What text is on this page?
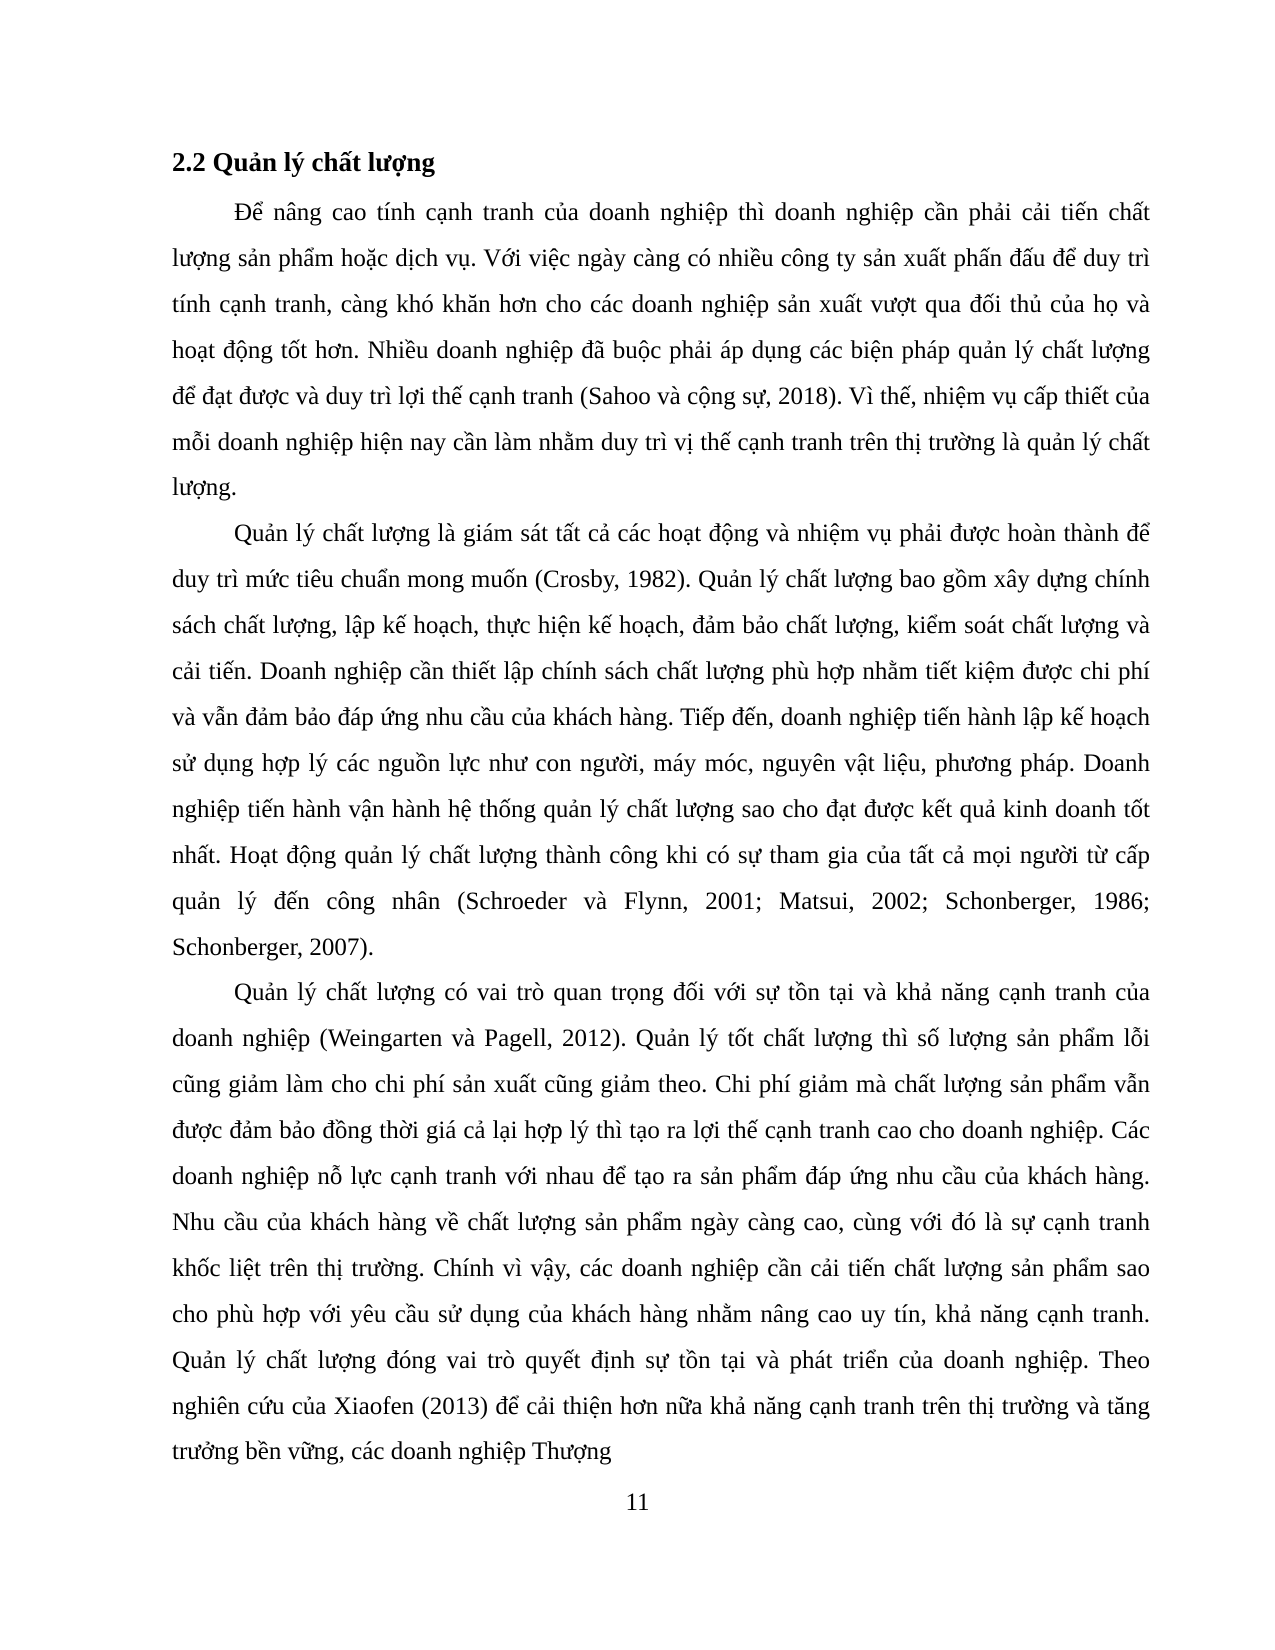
2.2 Quản lý chất lượng

Để nâng cao tính cạnh tranh của doanh nghiệp thì doanh nghiệp cần phải cải tiến chất lượng sản phẩm hoặc dịch vụ. Với việc ngày càng có nhiều công ty sản xuất phấn đấu để duy trì tính cạnh tranh, càng khó khăn hơn cho các doanh nghiệp sản xuất vượt qua đối thủ của họ và hoạt động tốt hơn. Nhiều doanh nghiệp đã buộc phải áp dụng các biện pháp quản lý chất lượng để đạt được và duy trì lợi thế cạnh tranh (Sahoo và cộng sự, 2018). Vì thế, nhiệm vụ cấp thiết của mỗi doanh nghiệp hiện nay cần làm nhằm duy trì vị thế cạnh tranh trên thị trường là quản lý chất lượng.

Quản lý chất lượng là giám sát tất cả các hoạt động và nhiệm vụ phải được hoàn thành để duy trì mức tiêu chuẩn mong muốn (Crosby, 1982). Quản lý chất lượng bao gồm xây dựng chính sách chất lượng, lập kế hoạch, thực hiện kế hoạch, đảm bảo chất lượng, kiểm soát chất lượng và cải tiến. Doanh nghiệp cần thiết lập chính sách chất lượng phù hợp nhằm tiết kiệm được chi phí và vẫn đảm bảo đáp ứng nhu cầu của khách hàng. Tiếp đến, doanh nghiệp tiến hành lập kế hoạch sử dụng hợp lý các nguồn lực như con người, máy móc, nguyên vật liệu, phương pháp. Doanh nghiệp tiến hành vận hành hệ thống quản lý chất lượng sao cho đạt được kết quả kinh doanh tốt nhất. Hoạt động quản lý chất lượng thành công khi có sự tham gia của tất cả mọi người từ cấp quản lý đến công nhân (Schroeder và Flynn, 2001; Matsui, 2002; Schonberger, 1986; Schonberger, 2007).

Quản lý chất lượng có vai trò quan trọng đối với sự tồn tại và khả năng cạnh tranh của doanh nghiệp (Weingarten và Pagell, 2012). Quản lý tốt chất lượng thì số lượng sản phẩm lỗi cũng giảm làm cho chi phí sản xuất cũng giảm theo. Chi phí giảm mà chất lượng sản phẩm vẫn được đảm bảo đồng thời giá cả lại hợp lý thì tạo ra lợi thế cạnh tranh cao cho doanh nghiệp. Các doanh nghiệp nỗ lực cạnh tranh với nhau để tạo ra sản phẩm đáp ứng nhu cầu của khách hàng. Nhu cầu của khách hàng về chất lượng sản phẩm ngày càng cao, cùng với đó là sự cạnh tranh khốc liệt trên thị trường. Chính vì vậy, các doanh nghiệp cần cải tiến chất lượng sản phẩm sao cho phù hợp với yêu cầu sử dụng của khách hàng nhằm nâng cao uy tín, khả năng cạnh tranh. Quản lý chất lượng đóng vai trò quyết định sự tồn tại và phát triển của doanh nghiệp. Theo nghiên cứu của Xiaofen (2013) để cải thiện hơn nữa khả năng cạnh tranh trên thị trường và tăng trưởng bền vững, các doanh nghiệp Thượng

11
